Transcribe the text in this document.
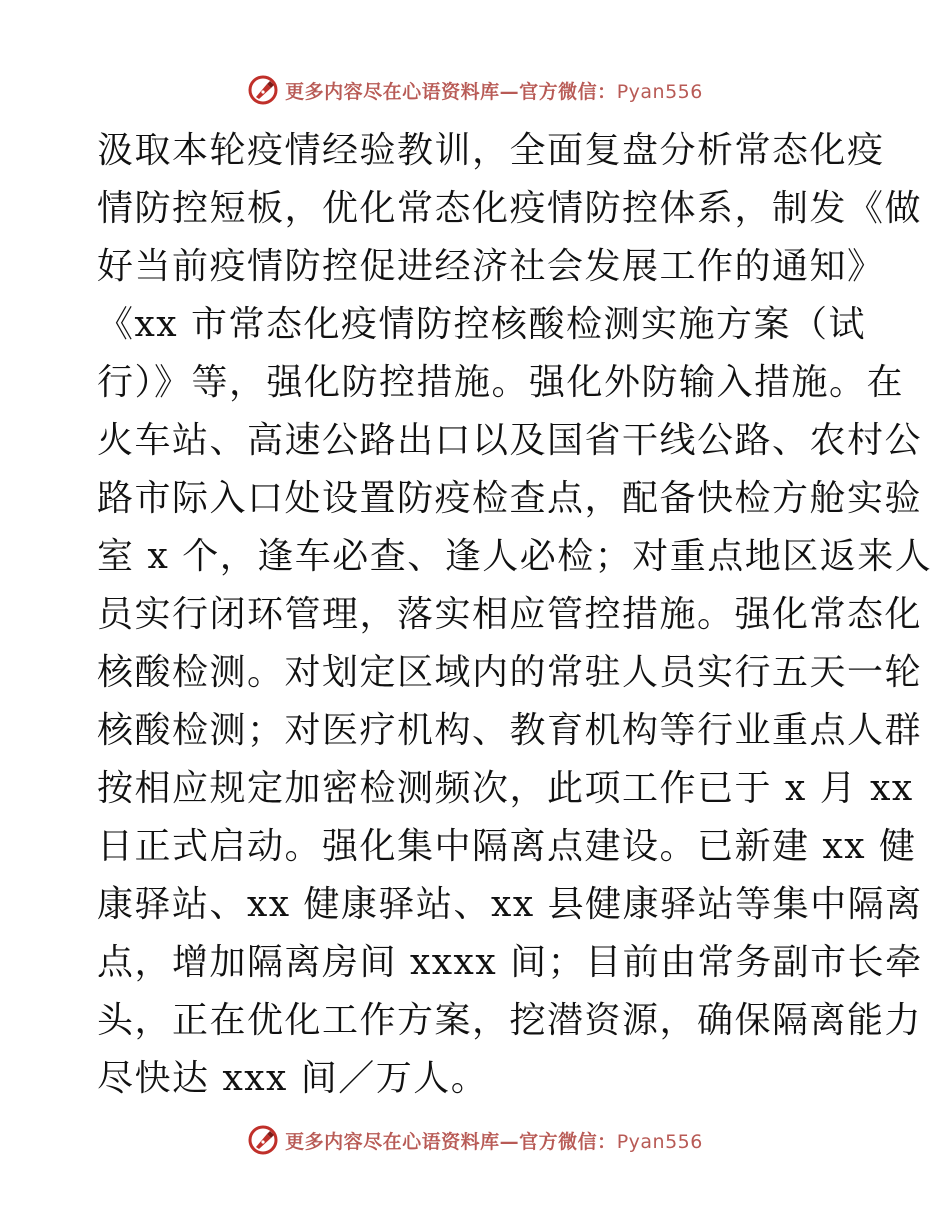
更多内容尽在心语资料库—官方微信：Pyan556
汲取本轮疫情经验教训，全面复盘分析常态化疫
情防控短板，优化常态化疫情防控体系，制发《做
好当前疫情防控促进经济社会发展工作的通知》
《xx 市常态化疫情防控核酸检测实施方案（试
行）》等，强化防控措施。强化外防输入措施。在
火车站、高速公路出口以及国省干线公路、农村公
路市际入口处设置防疫检查点，配备快检方舱实验
室 x 个，逢车必查、逢人必检；对重点地区返来人
员实行闭环管理，落实相应管控措施。强化常态化
核酸检测。对划定区域内的常驻人员实行五天一轮
核酸检测；对医疗机构、教育机构等行业重点人群
按相应规定加密检测频次，此项工作已于 x 月 xx
日正式启动。强化集中隔离点建设。已新建 xx 健
康驿站、xx 健康驿站、xx 县健康驿站等集中隔离
点，增加隔离房间 xxxx 间；目前由常务副市长牵
头，正在优化工作方案，挖潜资源，确保隔离能力
尽快达 xxx 间／万人。
更多内容尽在心语资料库—官方微信：Pyan556
